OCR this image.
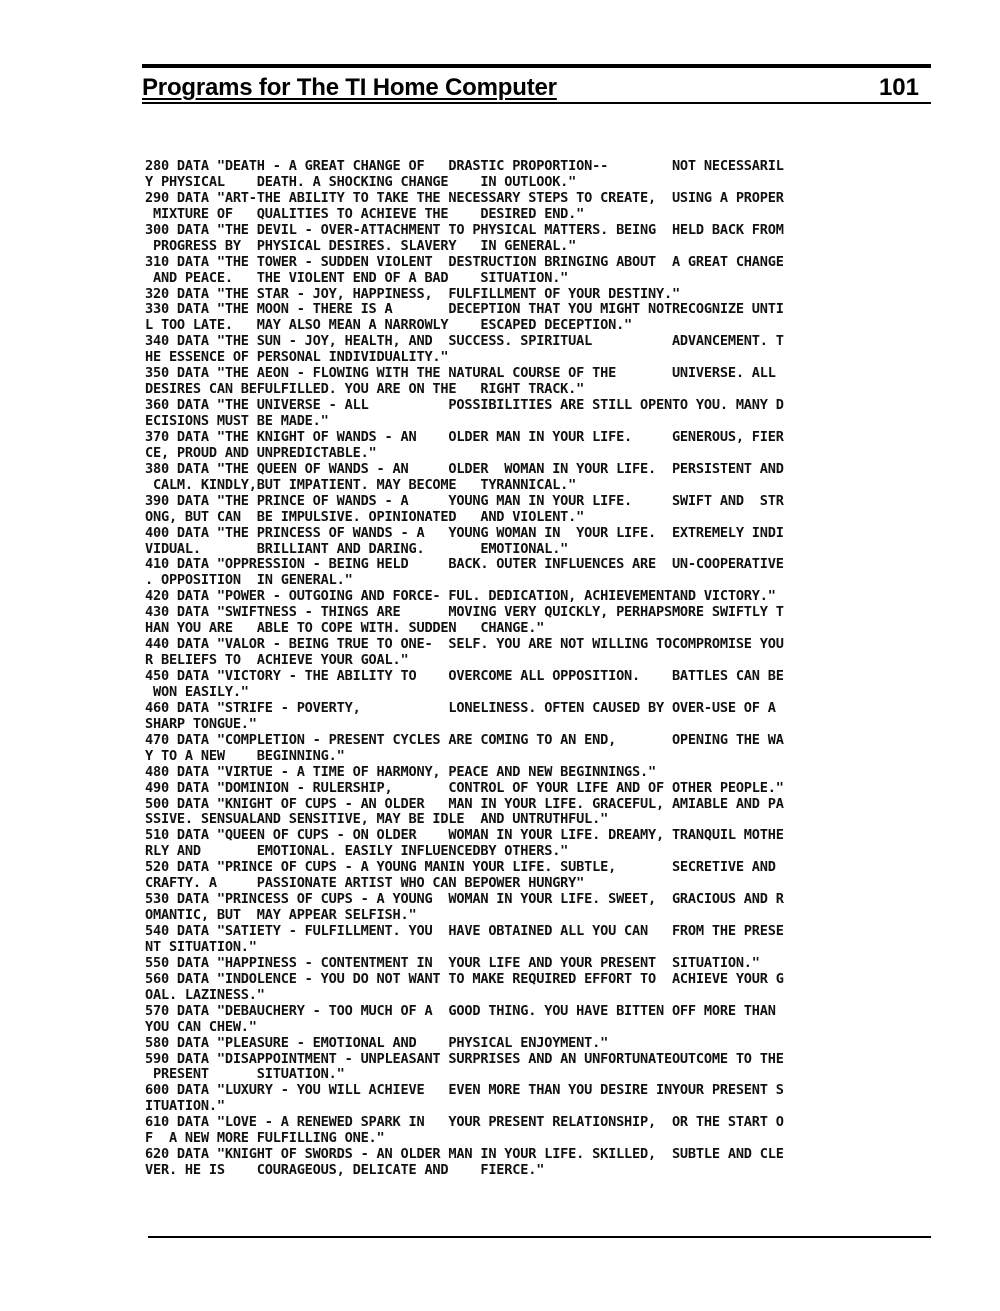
Programs for The TI Home Computer	101
280 DATA "DEATH - A GREAT CHANGE OF   DRASTIC PROPORTION--        NOT NECESSARIL
Y PHYSICAL    DEATH. A SHOCKING CHANGE    IN OUTLOOK."
290 DATA "ART-THE ABILITY TO TAKE THE NECESSARY STEPS TO CREATE,  USING A PROPER
MIXTURE OF   QUALITIES TO ACHIEVE THE    DESIRED END."
300 DATA "THE DEVIL - OVER-ATTACHMENT TO PHYSICAL MATTERS. BEING  HELD BACK FROM
PROGRESS BY  PHYSICAL DESIRES. SLAVERY   IN GENERAL."
310 DATA "THE TOWER - SUDDEN VIOLENT  DESTRUCTION BRINGING ABOUT  A GREAT CHANGE
AND PEACE.   THE VIOLENT END OF A BAD    SITUATION."
320 DATA "THE STAR - JOY, HAPPINESS,  FULFILLMENT OF YOUR DESTINY."
330 DATA "THE MOON - THERE IS A       DECEPTION THAT YOU MIGHT NOTRECOGNIZE UNTI
L TOO LATE.   MAY ALSO MEAN A NARROWLY    ESCAPED DECEPTION."
340 DATA "THE SUN - JOY, HEALTH, AND  SUCCESS. SPIRITUAL          ADVANCEMENT. T
HE ESSENCE OF PERSONAL INDIVIDUALITY."
350 DATA "THE AEON - FLOWING WITH THE NATURAL COURSE OF THE       UNIVERSE. ALL
DESIRES CAN BEFULFILLED. YOU ARE ON THE   RIGHT TRACK."
360 DATA "THE UNIVERSE - ALL          POSSIBILITIES ARE STILL OPENTO YOU. MANY D
ECISIONS MUST BE MADE."
370 DATA "THE KNIGHT OF WANDS - AN    OLDER MAN IN YOUR LIFE.     GENEROUS, FIER
CE, PROUD AND UNPREDICTABLE."
380 DATA "THE QUEEN OF WANDS - AN     OLDER  WOMAN IN YOUR LIFE.  PERSISTENT AND
CALM. KINDLY,BUT IMPATIENT. MAY BECOME   TYRANNICAL."
390 DATA "THE PRINCE OF WANDS - A     YOUNG MAN IN YOUR LIFE.     SWIFT AND  STR
ONG, BUT CAN  BE IMPULSIVE. OPINIONATED   AND VIOLENT."
400 DATA "THE PRINCESS OF WANDS - A   YOUNG WOMAN IN  YOUR LIFE.  EXTREMELY INDI
VIDUAL.       BRILLIANT AND DARING.       EMOTIONAL."
410 DATA "OPPRESSION - BEING HELD     BACK. OUTER INFLUENCES ARE  UN-COOPERATIVE
. OPPOSITION  IN GENERAL."
420 DATA "POWER - OUTGOING AND FORCE- FUL. DEDICATION, ACHIEVEMENTAND VICTORY."
430 DATA "SWIFTNESS - THINGS ARE      MOVING VERY QUICKLY, PERHAPSMORE SWIFTLY T
HAN YOU ARE   ABLE TO COPE WITH. SUDDEN   CHANGE."
440 DATA "VALOR - BEING TRUE TO ONE-  SELF. YOU ARE NOT WILLING TOCOMPROMISE YOU
R BELIEFS TO  ACHIEVE YOUR GOAL."
450 DATA "VICTORY - THE ABILITY TO    OVERCOME ALL OPPOSITION.    BATTLES CAN BE
WON EASILY."
460 DATA "STRIFE - POVERTY,           LONELINESS. OFTEN CAUSED BY OVER-USE OF A
SHARP TONGUE."
470 DATA "COMPLETION - PRESENT CYCLES ARE COMING TO AN END,       OPENING THE WA
Y TO A NEW    BEGINNING."
480 DATA "VIRTUE - A TIME OF HARMONY, PEACE AND NEW BEGINNINGS."
490 DATA "DOMINION - RULERSHIP,       CONTROL OF YOUR LIFE AND OF OTHER PEOPLE."
500 DATA "KNIGHT OF CUPS - AN OLDER   MAN IN YOUR LIFE. GRACEFUL, AMIABLE AND PA
SSIVE. SENSUALAND SENSITIVE, MAY BE IDLE  AND UNTRUTHFUL."
510 DATA "QUEEN OF CUPS - ON OLDER    WOMAN IN YOUR LIFE. DREAMY, TRANQUIL MOTHE
RLY AND       EMOTIONAL. EASILY INFLUENCEDBY OTHERS."
520 DATA "PRINCE OF CUPS - A YOUNG MANIN YOUR LIFE. SUBTLE,       SECRETIVE AND
CRAFTY. A     PASSIONATE ARTIST WHO CAN BEPOWER HUNGRY"
530 DATA "PRINCESS OF CUPS - A YOUNG  WOMAN IN YOUR LIFE. SWEET,  GRACIOUS AND R
OMANTIC, BUT  MAY APPEAR SELFISH."
540 DATA "SATIETY - FULFILLMENT. YOU  HAVE OBTAINED ALL YOU CAN   FROM THE PRESE
NT SITUATION."
550 DATA "HAPPINESS - CONTENTMENT IN  YOUR LIFE AND YOUR PRESENT  SITUATION."
560 DATA "INDOLENCE - YOU DO NOT WANT TO MAKE REQUIRED EFFORT TO  ACHIEVE YOUR G
OAL. LAZINESS."
570 DATA "DEBAUCHERY - TOO MUCH OF A  GOOD THING. YOU HAVE BITTEN OFF MORE THAN
YOU CAN CHEW."
580 DATA "PLEASURE - EMOTIONAL AND    PHYSICAL ENJOYMENT."
590 DATA "DISAPPOINTMENT - UNPLEASANT SURPRISES AND AN UNFORTUNATEOUTCOME TO THE
PRESENT      SITUATION."
600 DATA "LUXURY - YOU WILL ACHIEVE   EVEN MORE THAN YOU DESIRE INYOUR PRESENT S
ITUATION."
610 DATA "LOVE - A RENEWED SPARK IN   YOUR PRESENT RELATIONSHIP,  OR THE START O
F  A NEW MORE FULFILLING ONE."
620 DATA "KNIGHT OF SWORDS - AN OLDER MAN IN YOUR LIFE. SKILLED,  SUBTLE AND CLE
VER. HE IS    COURAGEOUS, DELICATE AND    FIERCE."
